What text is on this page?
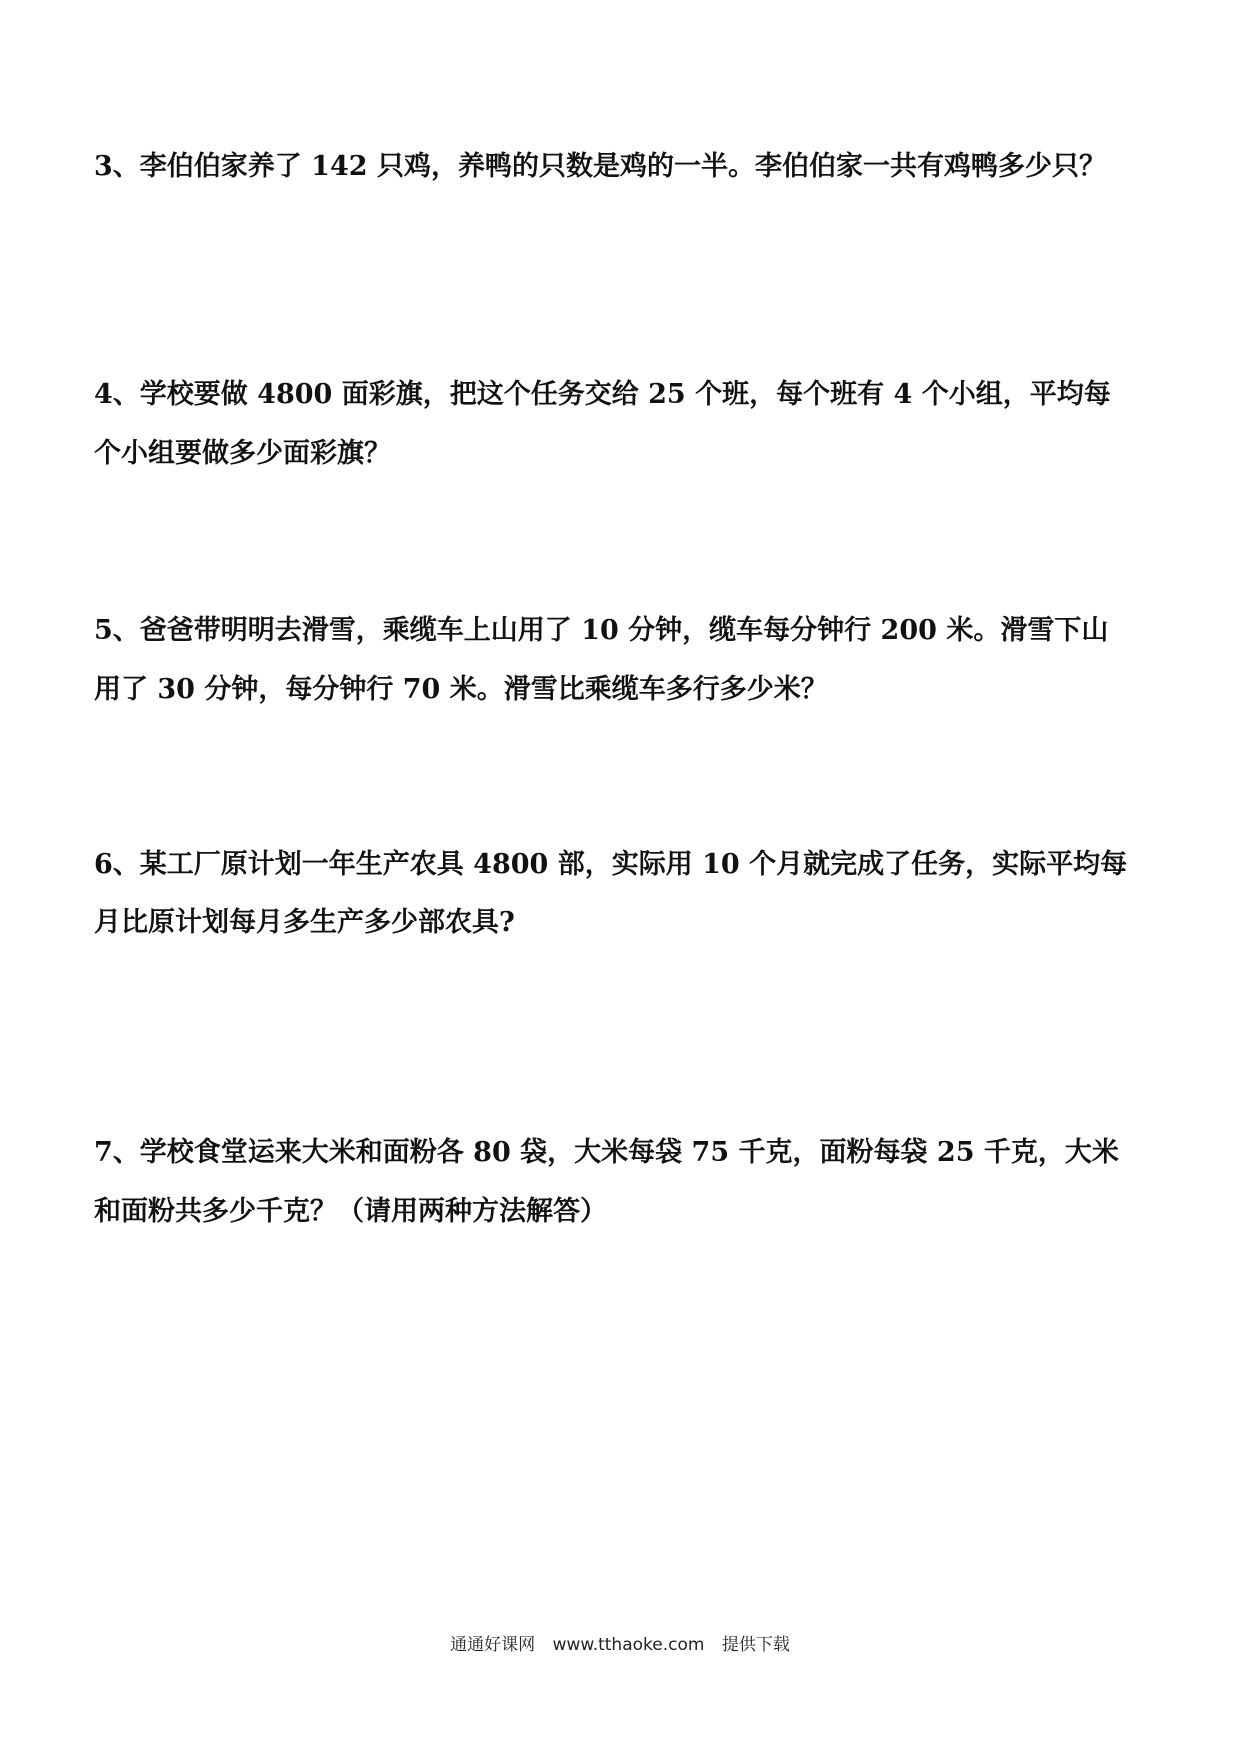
3、李伯伯家养了 142 只鸡，养鸭的只数是鸡的一半。李伯伯家一共有鸡鸭多少只？

4、学校要做 4800 面彩旗，把这个任务交给 25 个班，每个班有 4 个小组，平均每

个小组要做多少面彩旗？

5、爸爸带明明去滑雪，乘缆车上山用了 10 分钟，缆车每分钟行 200 米。滑雪下山

用了 30 分钟，每分钟行 70 米。滑雪比乘缆车多行多少米？

6、某工厂原计划一年生产农具 4800 部，实际用 10 个月就完成了任务，实际平均每

月比原计划每月多生产多少部农具?

7、学校食堂运来大米和面粉各 80 袋，大米每袋 75 千克，面粉每袋 25 千克，大米

和面粉共多少千克？（请用两种方法解答）

通通好课网 www.tthaoke.com 提供下载
